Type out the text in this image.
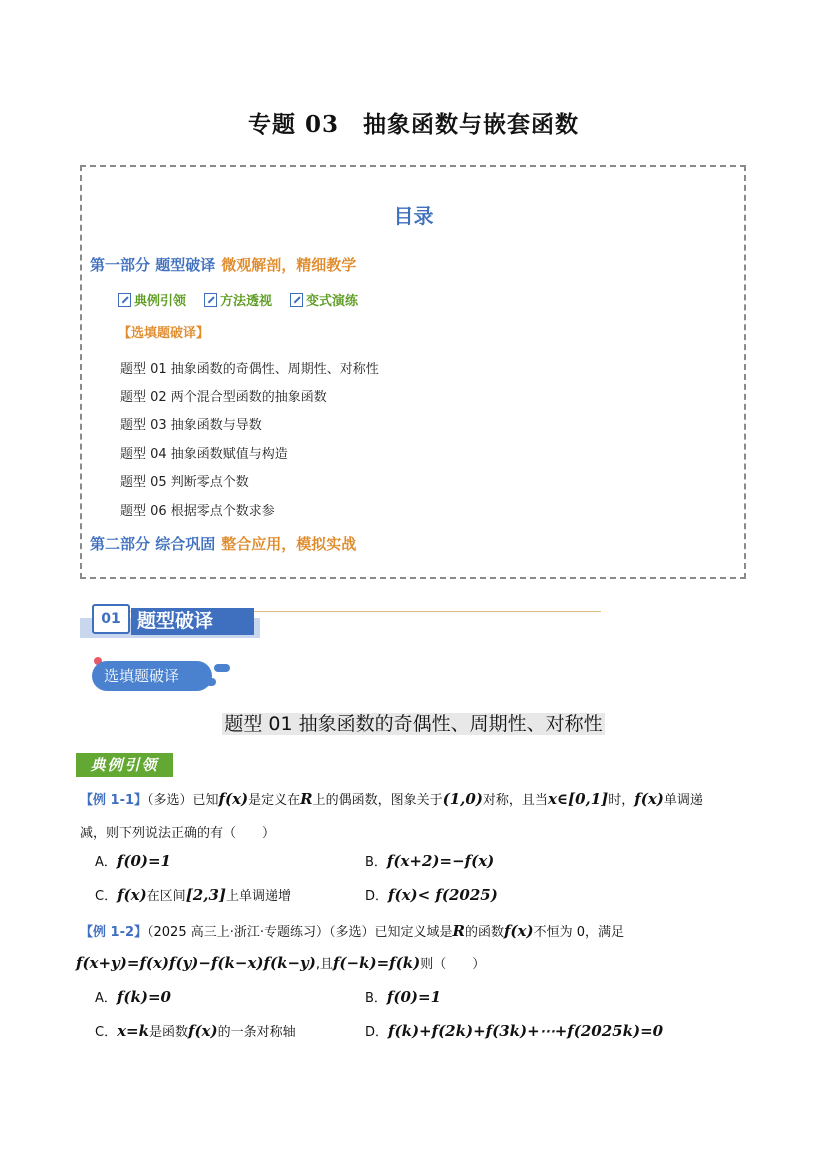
专题 03　抽象函数与嵌套函数
目录
第一部分 题型破译 微观解剖，精细教学
典例引领	方法透视	变式演练
【选填题破译】
题型 01 抽象函数的奇偶性、周期性、对称性
题型 02 两个混合型函数的抽象函数
题型 03 抽象函数与导数
题型 04 抽象函数赋值与构造
题型 05 判断零点个数
题型 06 根据零点个数求参
第二部分 综合巩固 整合应用，模拟实战
题型破译
01
选填题破译
题型 01 抽象函数的奇偶性、周期性、对称性
典例引领
【例 1-1】（多选）已知f(x)是定义在R上的偶函数，图象关于(1,0)对称，且当x∈[0,1]时，f(x)单调递
减，则下列说法正确的有（　　）
A．f(0)=1	B．f(x+2)=−f(x)
C．f(x)在区间[2,3]上单调递增	D．f(x)< f(2025)
【例 1-2】（2025 高三上·浙江·专题练习）（多选）已知定义域是R的函数f(x)不恒为 0，满足
f(x+y)=f(x)f(y)−f(k−x)f(k−y),且f(−k)=f(k)则（　　）
A．f(k)=0	B．f(0)=1
C．x=k是函数f(x)的一条对称轴	D．f(k)+f(2k)+f(3k)+⋯+f(2025k)=0
